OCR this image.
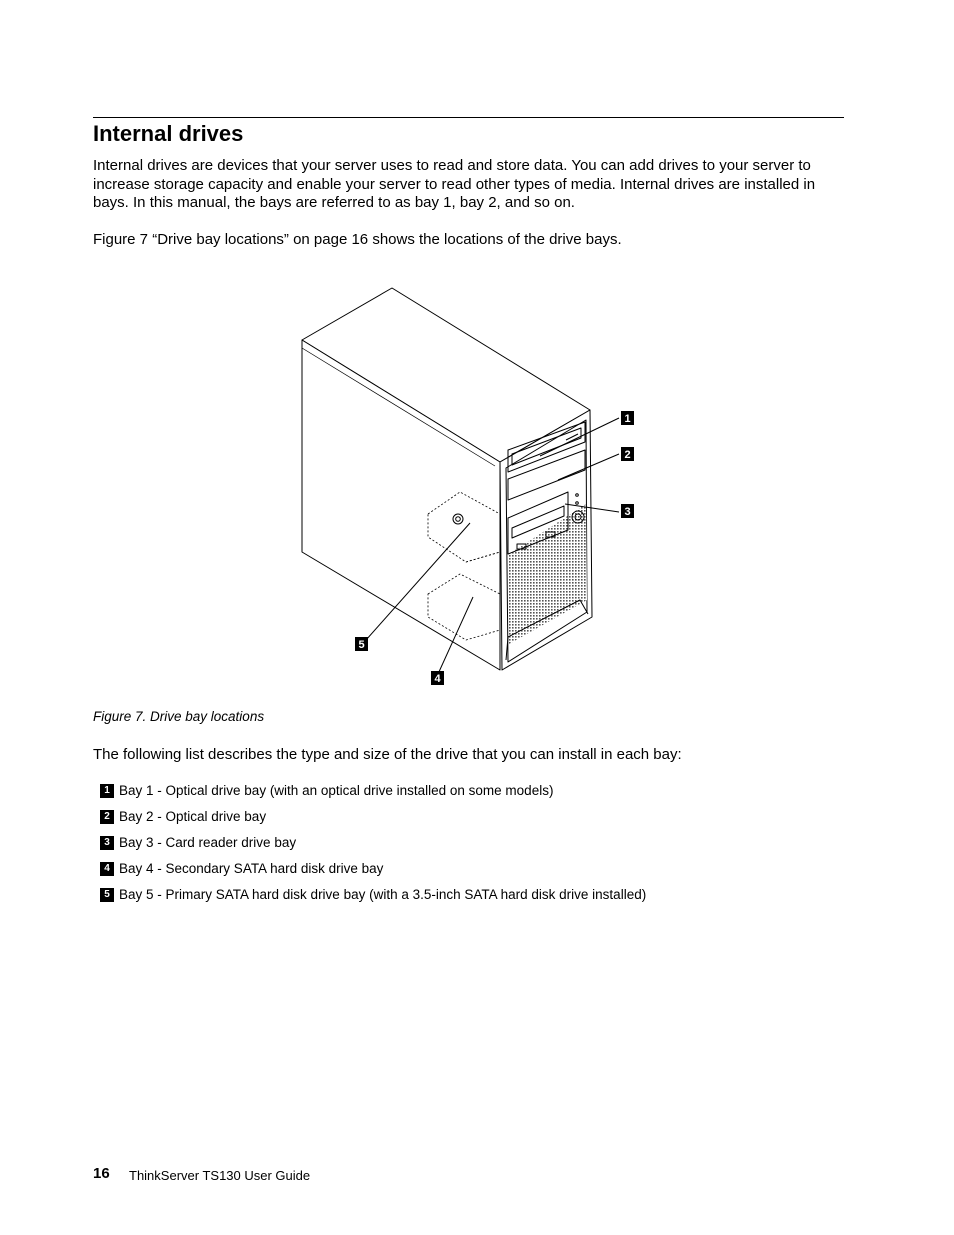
Internal drives

Internal drives are devices that your server uses to read and store data. You can add drives to your server to increase storage capacity and enable your server to read other types of media. Internal drives are installed in bays. In this manual, the bays are referred to as bay 1, bay 2, and so on.

Figure 7 “Drive bay locations” on page 16 shows the locations of the drive bays.

1
2
3
4
5

Figure 7. Drive bay locations

The following list describes the type and size of the drive that you can install in each bay:

1 Bay 1 - Optical drive bay (with an optical drive installed on some models)
2 Bay 2 - Optical drive bay
3 Bay 3 - Card reader drive bay
4 Bay 4 - Secondary SATA hard disk drive bay
5 Bay 5 - Primary SATA hard disk drive bay (with a 3.5-inch SATA hard disk drive installed)
16 ThinkServer TS130 User Guide
